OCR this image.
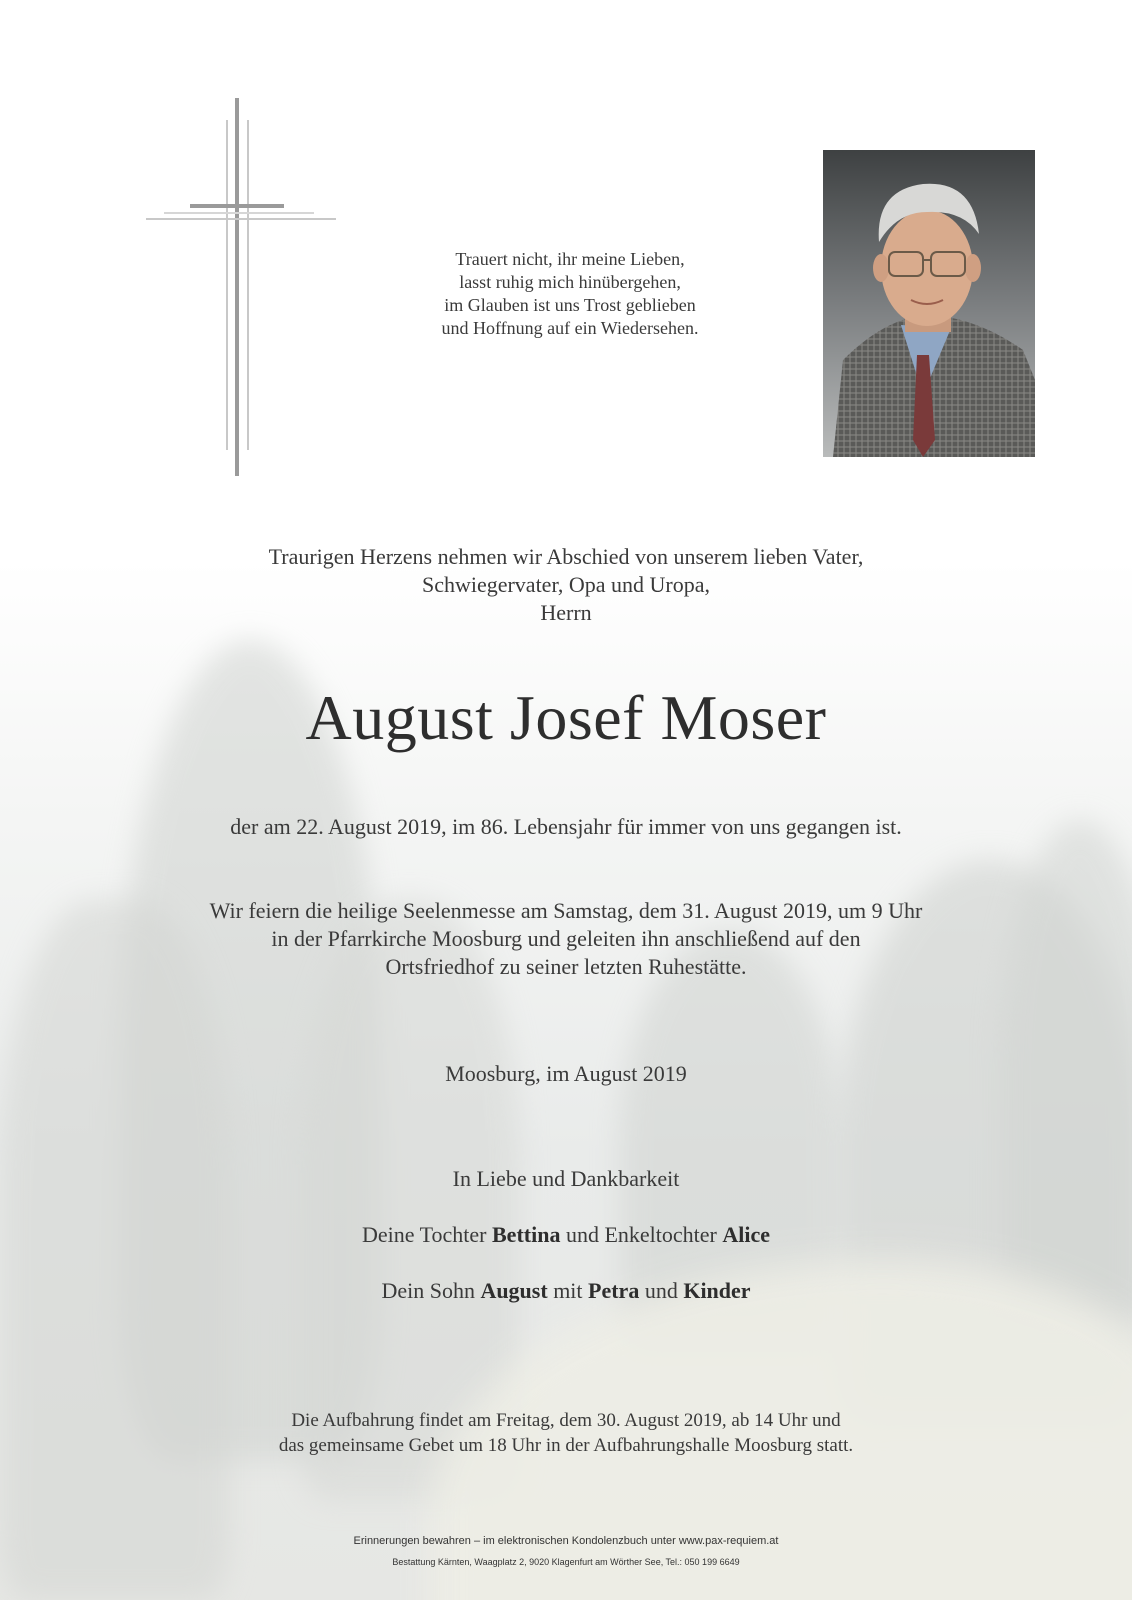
Trauert nicht, ihr meine Lieben,
lasst ruhig mich hinübergehen,
im Glauben ist uns Trost geblieben
und Hoffnung auf ein Wiedersehen.
Traurigen Herzens nehmen wir Abschied von unserem lieben Vater,
Schwiegervater, Opa und Uropa,
Herrn
August Josef Moser
der am 22. August 2019, im 86. Lebensjahr für immer von uns gegangen ist.
Wir feiern die heilige Seelenmesse am Samstag, dem 31. August 2019, um 9 Uhr
in der Pfarrkirche Moosburg und geleiten ihn anschließend auf den
Ortsfriedhof zu seiner letzten Ruhestätte.
Moosburg, im August 2019
In Liebe und Dankbarkeit
Deine Tochter Bettina und Enkeltochter Alice
Dein Sohn August mit Petra und Kinder
Die Aufbahrung findet am Freitag, dem 30. August 2019, ab 14 Uhr und
das gemeinsame Gebet um 18 Uhr in der Aufbahrungshalle Moosburg statt.
Erinnerungen bewahren – im elektronischen Kondolenzbuch unter www.pax-requiem.at
Bestattung Kärnten, Waagplatz 2, 9020 Klagenfurt am Wörther See, Tel.: 050 199 6649
